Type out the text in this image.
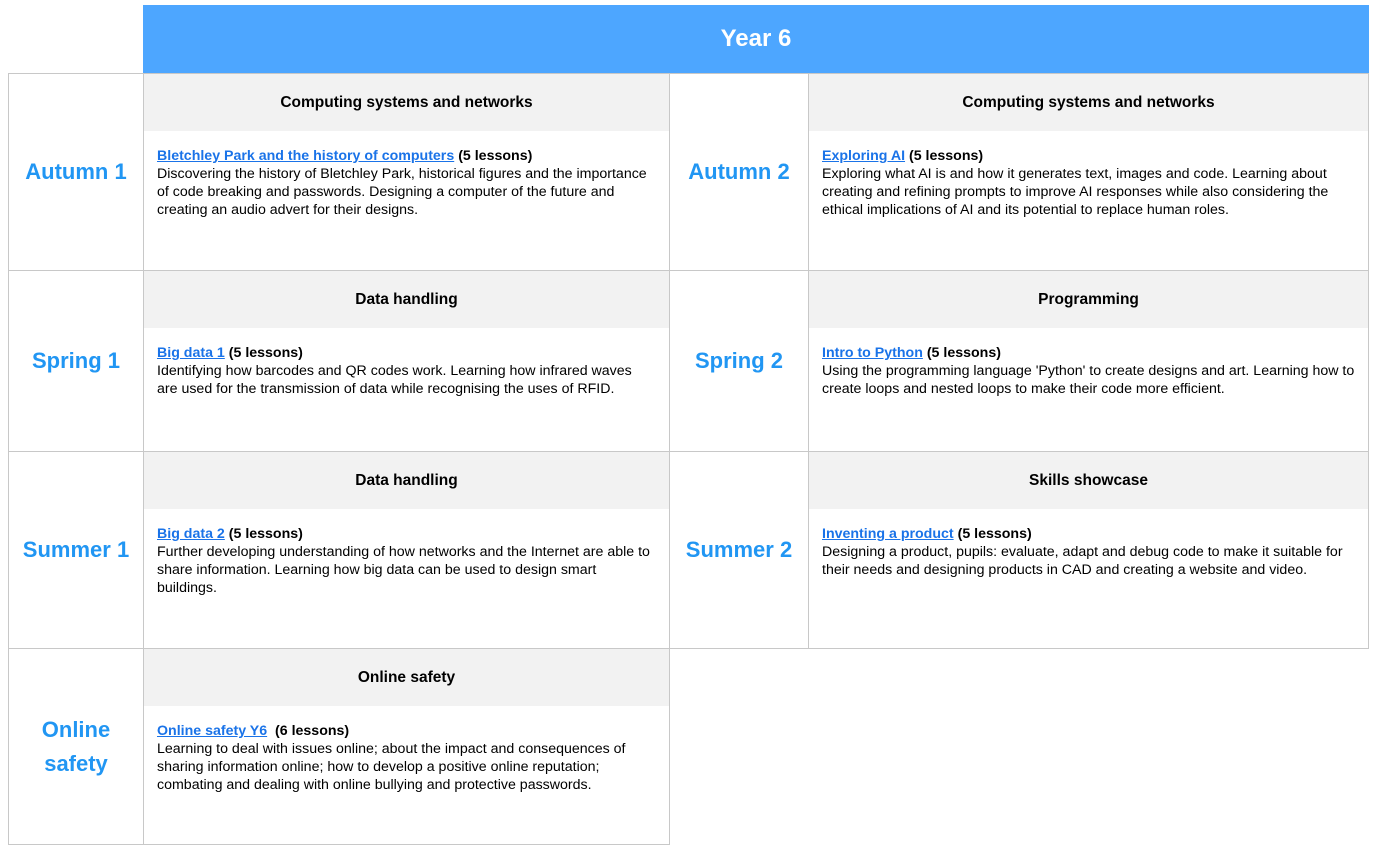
Year 6
Autumn 1
Computing systems and networks
Bletchley Park and the history of computers (5 lessons)
Discovering the history of Bletchley Park, historical figures and the importance of code breaking and passwords. Designing a computer of the future and creating an audio advert for their designs.
Autumn 2
Computing systems and networks
Exploring AI (5 lessons)
Exploring what AI is and how it generates text, images and code. Learning about creating and refining prompts to improve AI responses while also considering the ethical implications of AI and its potential to replace human roles.
Spring 1
Data handling
Big data 1 (5 lessons)
Identifying how barcodes and QR codes work. Learning how infrared waves are used for the transmission of data while recognising the uses of RFID.
Spring 2
Programming
Intro to Python (5 lessons)
Using the programming language 'Python' to create designs and art. Learning how to create loops and nested loops to make their code more efficient.
Summer 1
Data handling
Big data 2 (5 lessons)
Further developing understanding of how networks and the Internet are able to share information. Learning how big data can be used to design smart buildings.
Summer 2
Skills showcase
Inventing a product (5 lessons)
Designing a product, pupils: evaluate, adapt and debug code to make it suitable for their needs and designing products in CAD and creating a website and video.
Online safety
Online safety
Online safety Y6 (6 lessons)
Learning to deal with issues online; about the impact and consequences of sharing information online; how to develop a positive online reputation; combating and dealing with online bullying and protective passwords.
